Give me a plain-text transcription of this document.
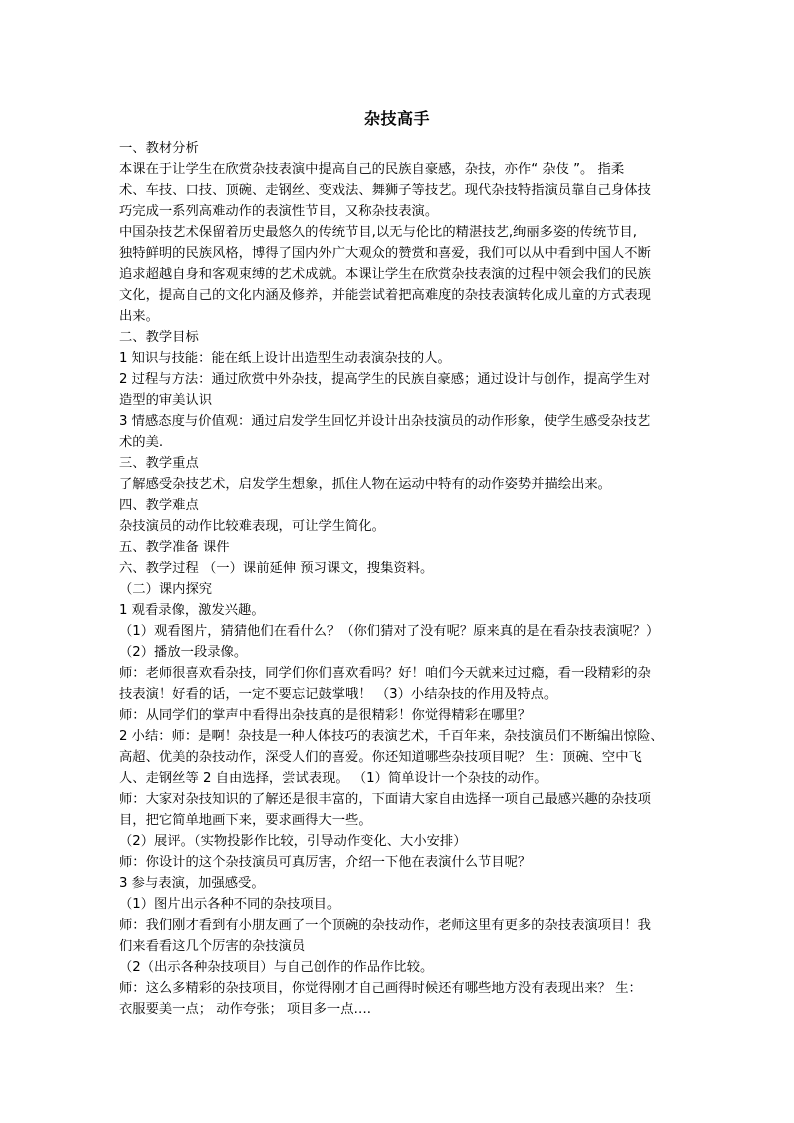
杂技高手
一、教材分析
本课在于让学生在欣赏杂技表演中提高自己的民族自豪感，杂技，亦作“ 杂伎 ”。 指柔
术、车技、口技、顶碗、走钢丝、变戏法、舞狮子等技艺。现代杂技特指演员靠自己身体技
巧完成一系列高难动作的表演性节目，又称杂技表演。
中国杂技艺术保留着历史最悠久的传统节目,以无与伦比的精湛技艺,绚丽多姿的传统节目,
独特鲜明的民族风格，博得了国内外广大观众的赞赏和喜爱，我们可以从中看到中国人不断
追求超越自身和客观束缚的艺术成就。本课让学生在欣赏杂技表演的过程中领会我们的民族
文化，提高自己的文化内涵及修养，并能尝试着把高难度的杂技表演转化成儿童的方式表现
出来。
二、教学目标
1 知识与技能：能在纸上设计出造型生动表演杂技的人。
2 过程与方法：通过欣赏中外杂技，提高学生的民族自豪感；通过设计与创作，提高学生对
造型的审美认识
3 情感态度与价值观：通过启发学生回忆并设计出杂技演员的动作形象，使学生感受杂技艺
术的美.
三、教学重点
了解感受杂技艺术，启发学生想象，抓住人物在运动中特有的动作姿势并描绘出来。
四、教学难点
杂技演员的动作比较难表现，可让学生简化。
五、教学准备 课件
六、教学过程 （一）课前延伸 预习课文，搜集资料。
（二）课内探究
1 观看录像，激发兴趣。
（1）观看图片，猜猜他们在看什么？（你们猜对了没有呢？原来真的是在看杂技表演呢？）
（2）播放一段录像。
师：老师很喜欢看杂技，同学们你们喜欢看吗？好！咱们今天就来过过瘾，看一段精彩的杂
技表演！好看的话，一定不要忘记鼓掌哦！ （3）小结杂技的作用及特点。
师：从同学们的掌声中看得出杂技真的是很精彩！你觉得精彩在哪里？
2 小结：师：是啊！杂技是一种人体技巧的表演艺术，千百年来，杂技演员们不断编出惊险、
高超、优美的杂技动作，深受人们的喜爱。你还知道哪些杂技项目呢？ 生：顶碗、空中飞
人、走钢丝等 2 自由选择，尝试表现。 （1）简单设计一个杂技的动作。
师：大家对杂技知识的了解还是很丰富的，下面请大家自由选择一项自己最感兴趣的杂技项
目，把它简单地画下来，要求画得大一些。
（2）展评。（实物投影作比较，引导动作变化、大小安排）
师：你设计的这个杂技演员可真厉害，介绍一下他在表演什么节目呢？
3 参与表演，加强感受。
（1）图片出示各种不同的杂技项目。
师：我们刚才看到有小朋友画了一个顶碗的杂技动作，老师这里有更多的杂技表演项目！我
们来看看这几个厉害的杂技演员
（2（出示各种杂技项目）与自己创作的作品作比较。
师：这么多精彩的杂技项目，你觉得刚才自己画得时候还有哪些地方没有表现出来？ 生：
衣服要美一点； 动作夸张； 项目多一点….
